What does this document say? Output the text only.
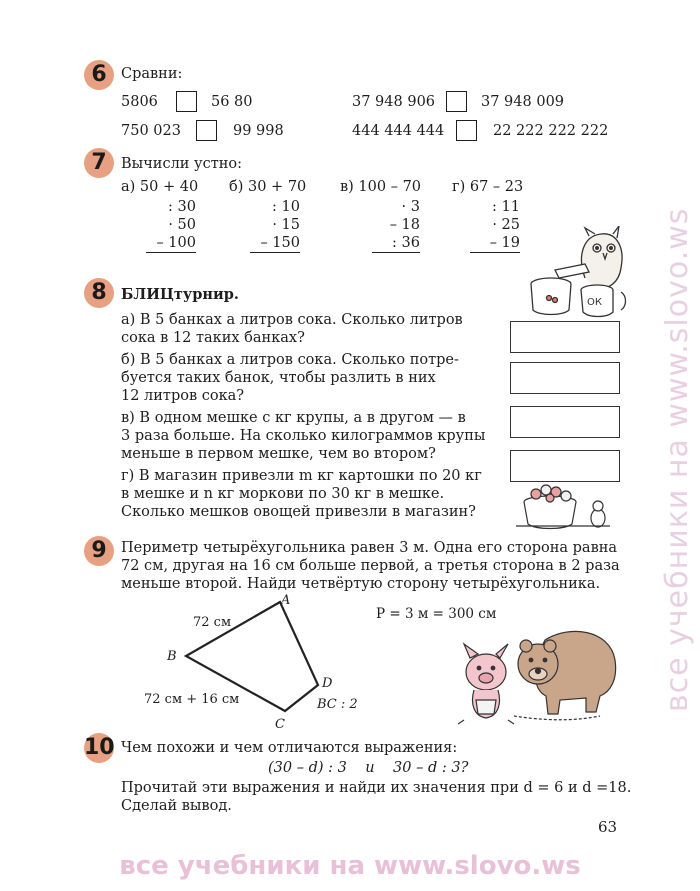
6 Сравни:
5806	56 80	37 948 906	37 948 009
750 023	99 998	444 444 444	22 222 222 222
7 Вычисли устно:
а) 50 + 40
: 30
· 50
– 100
б) 30 + 70
: 10
· 15
– 150
в) 100 – 70
· 3
– 18
: 36
г) 67 – 23
: 11
· 25
– 19
ОК
8 БЛИЦтурнир.
а) В 5 банках a литров сока. Сколько литров
сока в 12 таких банках?
б) В 5 банках a литров сока. Сколько потре-
буется таких банок, чтобы разлить в них
12 литров сока?
в) В одном мешке c кг крупы, а в другом — в
3 раза больше. На сколько килограммов крупы
меньше в первом мешке, чем во втором?
г) В магазин привезли m кг картошки по 20 кг
в мешке и n кг моркови по 30 кг в мешке.
Сколько мешков овощей привезли в магазин?
9 Периметр четырёхугольника равен 3 м. Одна его сторона равна
72 см, другая на 16 см больше первой, а третья сторона в 2 раза
меньше второй. Найди четвёртую сторону четырёхугольника.
72 см
72 см + 16 см	BC : 2
A
B
C
D
P = 3 м = 300 см
10 Чем похожи и чем отличаются выражения:
(30 – d) : 3    и    30 – d : 3?
Прочитай эти выражения и найди их значения при d = 6 и d =18.
Сделай вывод.
63
все учебники на www.slovo.ws
все учебники на www.slovo.ws
